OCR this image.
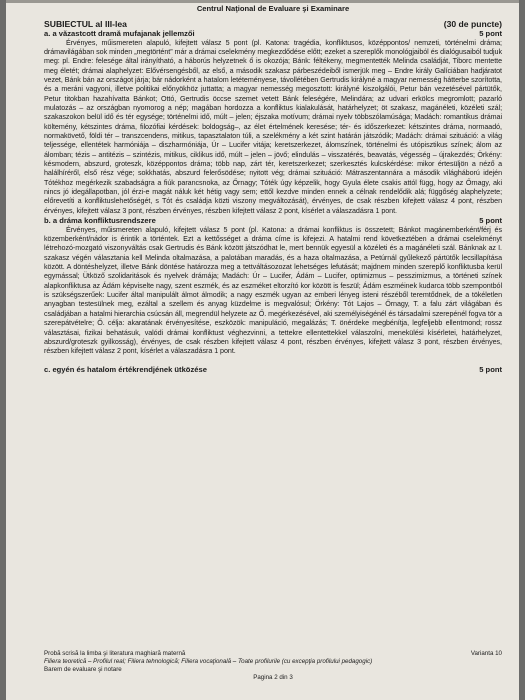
Centrul Naţional de Evaluare şi Examinare
SUBIECTUL al III-lea	(30 de puncte)
a. a văzastcott dramă mufajanak jellemzői	5 pont

Érvényes, műismereten alapuló, kifejtett válasz 5 pont (pl. Katona: tragédia, konfliktusos, középpontos/ nemzeti, történelmi dráma; drámavilágában sok minden „megtörtént” már a drámai cselekmény megkezdődése előtt; ezeket a szereplők monológjaiból és dialógusaiból tudjuk meg: pl. Endre: felesége által irányítható, a háborús helyzetnek ő is okozója; Bánk: féltékeny, megmentették Melinda családját, Tiborc mentette meg életét; drámai alaphelyzet: Elővérsengésből, az első, a második szakasz párbeszédeiből ismerjük meg – Endre király Galíciában hadjáratot vezet, Bánk bán az országot járja; bár nádorként a hatalom letéteményese, távollétében Gertrudis királyné a magyar nemesség hátterbe szorította, és a meráni vagyoni, illetve politikai előnyökhöz juttatta; a magyar nemesség megosztott: királyné kiszolgálói, Petur bán vezetésével pártütők, Petur titokban hazahívatta Bánkot; Ottó, Gertrudis öccse szemet vetett Bánk feleségére, Melindára; az udvari erkölcs megromlott; pazarló mulatozás – az országban nyomorog a nép; magában hordozza a konfliktus kialakulását, határhelyzet; öt szakasz, magánéleti, közéleti szál; szakaszokon belül idő és tér egysége; történelmi idő, múlt – jelen; éjszaka motívum; drámai nyelv többszólamúsága; Madách: romantikus drámai költemény, kétszintes dráma, filozófiai kérdések: boldogság–, az élet értelmének keresése; tér- és időszerkezet: kétszintes dráma, normaadó, normakövető, földi tér – transzcendens, mitikus, tapasztalaton túli, a szelékmény a két szint határán játszódik; Madách: drámai szituáció: a világ teljessége, ellentétek harmóniája – diszharmóniája, Úr – Lucifer vitája; keretszerkezet, álomszínek, történelmi és utópisztikus színek; álom az álomban; tézis – antitézis – szintézis, mitikus, ciklikus idő, múlt – jelen – jövő; elindulás – visszatérés, beavatás, végesség – újrakezdés; Örkény: késmodern, abszurd, groteszk, középpontos dráma; több nap, zárt tér, keretszerkezet; szerkesztés kulcskérdése: mikor értesüljön a néző a halálhíréről, első rész vége; sokkhatás, abszurd felerősödése; nyitott vég; drámai szituáció: Mátraszentannára a második világháború idején Tótékhoz megérkezik szabadságra a fiúk parancsnoka, az Őrnagy; Tóték úgy képzelik, hogy Gyula élete csakis attól függ, hogy az Őrnagy, aki nincs jó idegállapotban, jól érzi-e magát náluk két hétig vagy sem; ettől kezdve minden ennek a célnak rendelődik alá; függőség alaphelyzete; előrevetíti a konfliktuslehetőségét, s Tót és családja közti viszony megváltozását), érvényes, de csak részben kifejtett válasz 4 pont, részben érvényes, kifejtett válasz 3 pont, részben érvényes, részben kifejtett válasz 2 pont, kísérlet a válaszadásra 1 pont.

b. a dráma konfliktusrendszere	5 pont

Érvényes, műismereten alapuló, kifejtett válasz 5 pont (pl. Katona: a drámai konfliktus is összetett; Bánkot magánemberként/férj és közemberként/nádor is érintik a történtek. Ezt a kettősséget a dráma címe is kifejezi. A hatalmi rend következtében a drámai cselekményt létrehozó-mozgató viszonyváltás csak Gertrudis és Bánk között játszódhat le, mert bennük egyesül a közéleti és a magánéleti szál. Bánknak az I. szakasz végén választania kell Melinda oltalmazása, a palotában maradás, és a haza oltalmazása, a Petúrnál gyűlekező pártütők lecsillapítása között. A döntéshelyzet, illetve Bánk döntése határozza meg a tettváltásozozat lehetséges lefutását; majdnem minden szereplő konfliktusba kerül egymással; Ütköző szolidaritások és nyelvek drámája; Madách: Úr – Lucifer, Ádám – Lucifer, optimizmus – pesszimizmus, a történeti színek alapkonfliktusa az Ádám képviselte nagy, szent eszmék, és az eszméket eltorzító kor között is feszül; Ádám eszméinek kudarca több szempontból is szükségszerűek: Lucifer által manipulált álmot álmodik; a nagy eszmék ugyan az emberi lényeg isteni részéből teremtődnek, de a tökéletlen anyagban testesülnek meg, ezáltal a szellem és anyag küzdelme is megvalósul; Örkény: Tót Lajos – Őrnagy, T. a falu zárt világában és családjában a hatalmi hierarchia csúcsán áll, megrendül helyzete az Ő. megérkezésével, aki személyiségénél és társadalmi szerepénél fogva tör a szerepátvételre; Ő. célja: akaratának érvényesítése, eszközök: manipuláció, megalázás; T. önérdeke megbénítja, legfeljebb ellentmond; rossz választásai, fizikai behatásuk, valódi drámai konfliktust véghezvinni, a tettekre ellentettekkel válaszolni, menekülési kísérletei, határhelyzet, abszurd/groteszk gyilkosság), érvényes, de csak részben kifejtett válasz 4 pont, részben érvényes, kifejtett válasz 3 pont, részben érvényes, részben kifejtett válasz 2 pont, kísérlet a válaszadásra 1 pont.

c. egyén és hatalom értékrendjének ütközése	5 pont
Probă scrisă la limba şi literatura maghiară maternă	Varianta 10
Filiera teoretică – Profilul real; Filiera tehnologică; Filiera vocaţională – Toate profilurile (cu excepţia profilului pedagogic)
Barem de evaluare şi notare
Pagina 2 din 3
